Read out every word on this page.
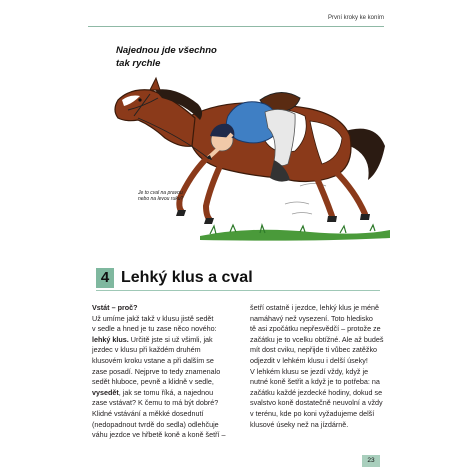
První kroky ke koním
Najednou jde všechno
tak rychle
Je to cval na pravou
nebo na levou ruku?
4 Lehký klus a cval
Vstát – proč?
Už umíme jakž takž v klusu jistě sedět
v sedle a hned je tu zase něco nového:
lehký klus. Určitě jste si už všimli, jak
jezdec v klusu při každém druhém
klusovém kroku vstane a při dalším se
zase posadí. Nejprve to tedy znamenalo
sedět hluboce, pevně a klidně v sedle,
vysedět, jak se tomu říká, a najednou
zase vstávat? K čemu to má být dobré?
Klidné vstávání a měkké dosednutí
(nedopadnout tvrdě do sedla) odlehčuje
váhu jezdce ve hřbetě koně a koně šetří –
šetří ostatně i jezdce, lehký klus je méně
namáhavý než vysezení. Toto hledisko
tě asi zpočátku nepřesvědčí – protože ze
začátku je to vcelku obtížné. Ale až budeš
mít dost cviku, nepřijde ti vůbec zatěžko
odjezdit v lehkém klusu i delší úseky!
V lehkém klusu se jezdí vždy, když je
nutné koně šetřit a když je to potřeba: na
začátku každé jezdecké hodiny, dokud se
svalstvo koně dostatečně neuvolní a vždy
v terénu, kde po koni vyžadujeme delší
klusové úseky než na jízdárně.
23
